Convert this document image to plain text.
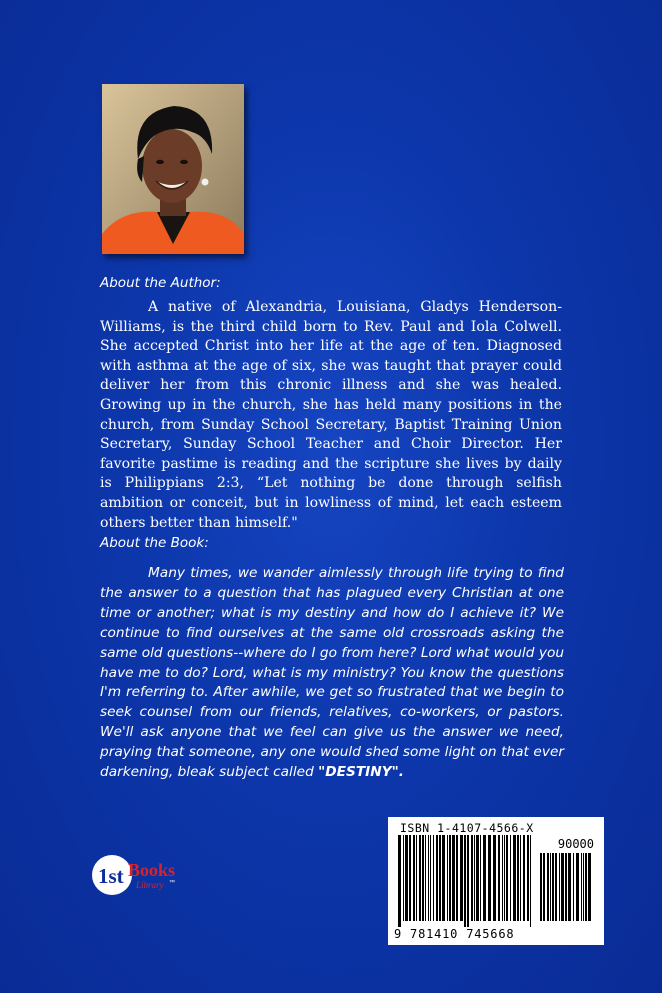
About the Author:

A native of Alexandria, Louisiana, Gladys Henderson-Williams, is the third child born to Rev. Paul and Iola Colwell. She accepted Christ into her life at the age of ten. Diagnosed with asthma at the age of six, she was taught that prayer could deliver her from this chronic illness and she was healed. Growing up in the church, she has held many positions in the church, from Sunday School Secretary, Baptist Training Union Secretary, Sunday School Teacher and Choir Director. Her favorite pastime is reading and the scripture she lives by daily is Philippians 2:3, “Let nothing be done through selfish ambition or conceit, but in lowliness of mind, let each esteem others better than himself."

About the Book:

Many times, we wander aimlessly through life trying to find the answer to a question that has plagued every Christian at one time or another; what is my destiny and how do I achieve it? We continue to find ourselves at the same old crossroads asking the same old questions--where do I go from here? Lord what would you have me to do? Lord, what is my ministry? You know the questions I'm referring to. After awhile, we get so frustrated that we begin to seek counsel from our friends, relatives, co-workers, or pastors. We'll ask anyone that we feel can give us the answer we need, praying that someone, any one would shed some light on that ever darkening, bleak subject called "DESTINY".

1st Books
Library ™
ISBN 1-4107-4566-X
90000
9 781410 745668
